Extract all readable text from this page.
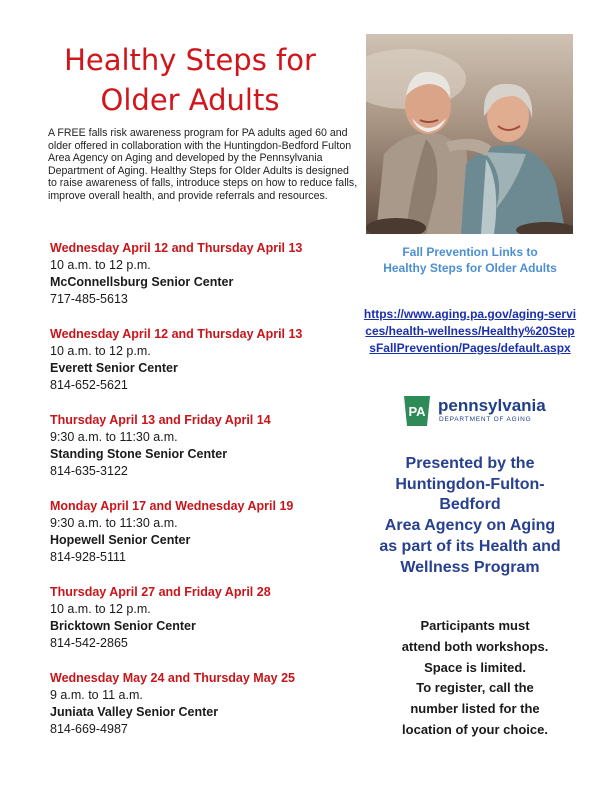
Healthy Steps for
Older Adults

A FREE falls risk awareness program for PA adults aged 60 and older offered in collaboration with the Huntingdon-Bedford Fulton Area Agency on Aging and developed by the Pennsylvania Department of Aging. Healthy Steps for Older Adults is designed to raise awareness of falls, introduce steps on how to reduce falls, improve overall health, and provide referrals and resources.

Wednesday April 12 and Thursday April 13
10 a.m. to 12 p.m.
McConnellsburg Senior Center
717-485-5613
Wednesday April 12 and Thursday April 13
10 a.m. to 12 p.m.
Everett Senior Center
814-652-5621
Thursday April 13 and Friday April 14
9:30 a.m. to 11:30 a.m.
Standing Stone Senior Center
814-635-3122
Monday April 17 and Wednesday April 19
9:30 a.m. to 11:30 a.m.
Hopewell Senior Center
814-928-5111
Thursday April 27 and Friday April 28
10 a.m. to 12 p.m.
Bricktown Senior Center
814-542-2865
Wednesday May 24 and Thursday May 25
9 a.m. to 11 a.m.
Juniata Valley Senior Center
814-669-4987

Fall Prevention Links to
Healthy Steps for Older Adults

https://www.aging.pa.gov/aging-services/health-wellness/Healthy%20StepsFallPrevention/Pages/default.aspx
PA pennsylvania
DEPARTMENT OF AGING

Presented by the
Huntingdon-Fulton-
Bedford
Area Agency on Aging
as part of its Health and
Wellness Program

Participants must
attend both workshops.
Space is limited.
To register, call the
number listed for the
location of your choice.
